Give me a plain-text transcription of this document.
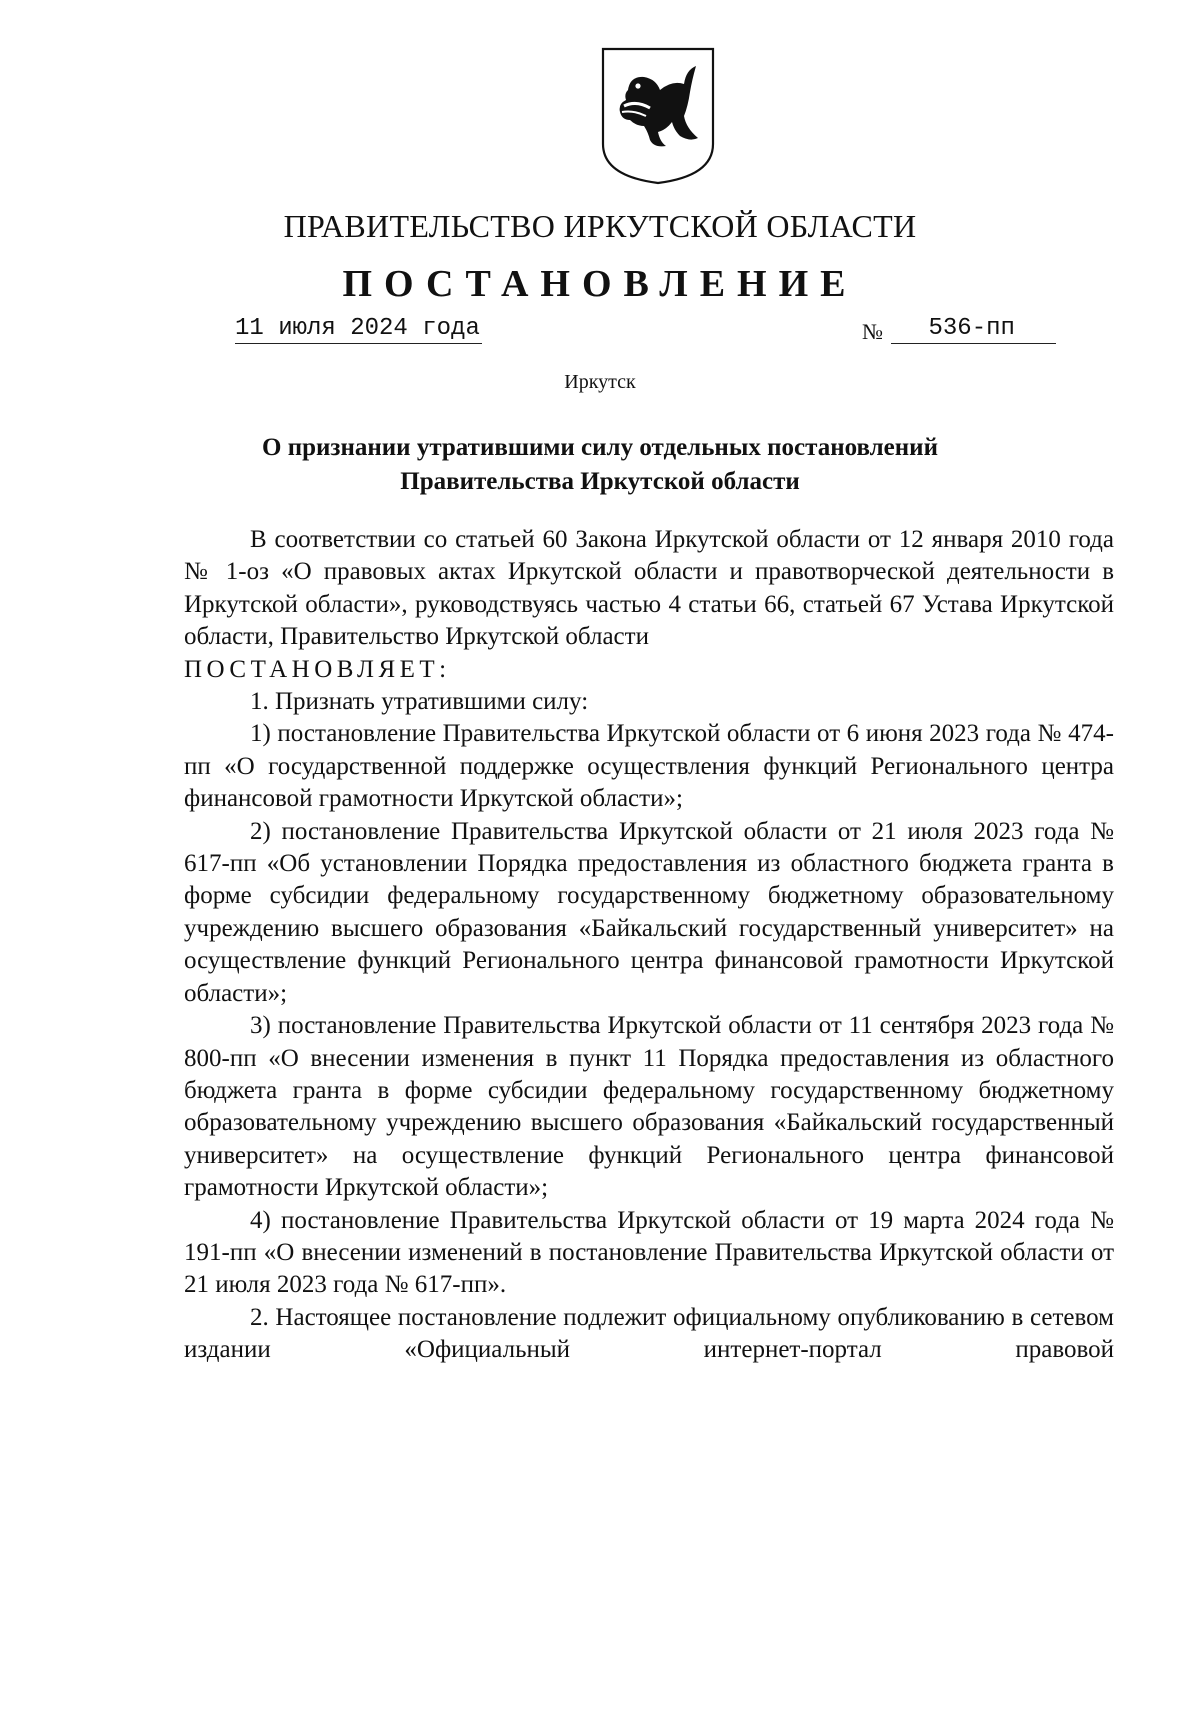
ПРАВИТЕЛЬСТВО ИРКУТСКОЙ ОБЛАСТИ
ПОСТАНОВЛЕНИЕ
11 июля 2024 года	№ 536-пп
Иркутск
О признании утратившими силу отдельных постановлений
Правительства Иркутской области

В соответствии со статьей 60 Закона Иркутской области от 12 января 2010 года № 1-оз «О правовых актах Иркутской области и правотворческой деятельности в Иркутской области», руководствуясь частью 4 статьи 66, статьей 67 Устава Иркутской области, Правительство Иркутской области

ПОСТАНОВЛЯЕТ:

1. Признать утратившими силу:

1) постановление Правительства Иркутской области от 6 июня 2023 года № 474-пп «О государственной поддержке осуществления функций Регионального центра финансовой грамотности Иркутской области»;

2) постановление Правительства Иркутской области от 21 июля 2023 года № 617-пп «Об установлении Порядка предоставления из областного бюджета гранта в форме субсидии федеральному государственному бюджетному образовательному учреждению высшего образования «Байкальский государственный университет» на осуществление функций Регионального центра финансовой грамотности Иркутской области»;

3) постановление Правительства Иркутской области от 11 сентября 2023 года № 800-пп «О внесении изменения в пункт 11 Порядка предоставления из областного бюджета гранта в форме субсидии федеральному государственному бюджетному образовательному учреждению высшего образования «Байкальский государственный университет» на осуществление функций Регионального центра финансовой грамотности Иркутской области»;

4) постановление Правительства Иркутской области от 19 марта 2024 года № 191-пп «О внесении изменений в постановление Правительства Иркутской области от 21 июля 2023 года № 617-пп».

2. Настоящее постановление подлежит официальному опубликованию в сетевом издании «Официальный интернет-портал правовой
